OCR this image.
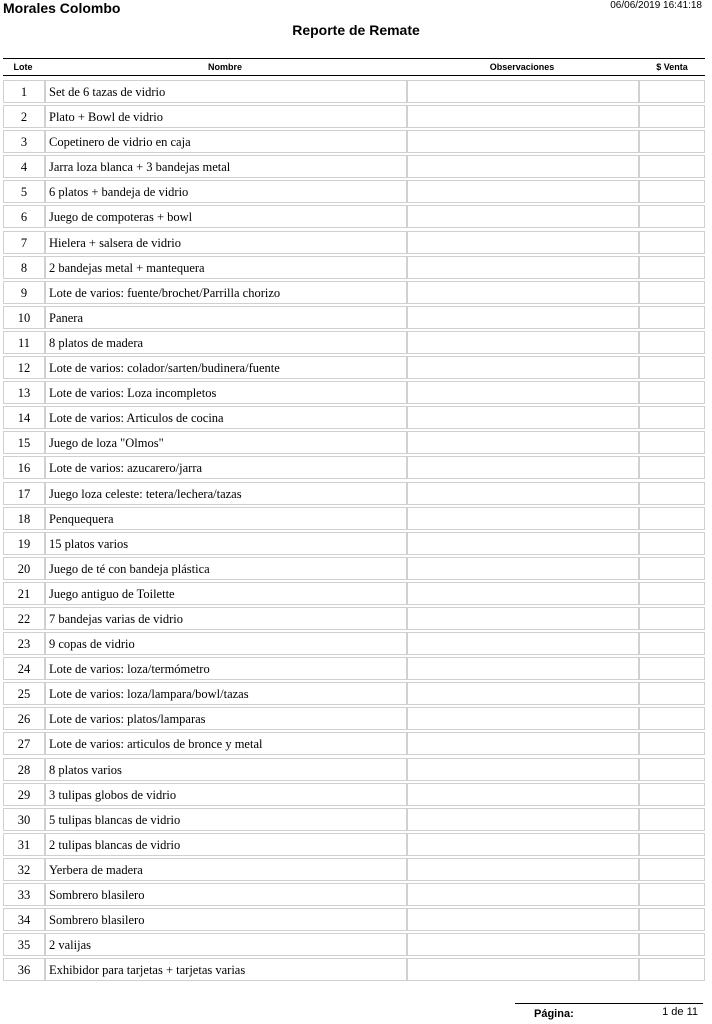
Morales Colombo	06/06/2019 16:41:18
Reporte de Remate
Lote	Nombre	Observaciones	$ Venta
1	Set de 6 tazas de vidrio
2	Plato + Bowl de vidrio
3	Copetinero de vidrio en caja
4	Jarra loza blanca + 3 bandejas metal
5	6 platos + bandeja de vidrio
6	Juego de compoteras + bowl
7	Hielera + salsera de vidrio
8	2 bandejas metal + mantequera
9	Lote de varios: fuente/brochet/Parrilla chorizo
10	Panera
11	8 platos de madera
12	Lote de varios: colador/sarten/budinera/fuente
13	Lote de varios: Loza incompletos
14	Lote de varios: Articulos de cocina
15	Juego de loza "Olmos"
16	Lote de varios: azucarero/jarra
17	Juego loza celeste: tetera/lechera/tazas
18	Penquequera
19	15 platos varios
20	Juego de té con bandeja plástica
21	Juego antiguo de Toilette
22	7 bandejas varias de vidrio
23	9 copas de vidrio
24	Lote de varios: loza/termómetro
25	Lote de varios: loza/lampara/bowl/tazas
26	Lote de varios: platos/lamparas
27	Lote de varios: articulos de bronce y metal
28	8 platos varios
29	3 tulipas globos de vidrio
30	5 tulipas blancas de vidrio
31	2 tulipas blancas de vidrio
32	Yerbera de madera
33	Sombrero blasilero
34	Sombrero blasilero
35	2 valijas
36	Exhibidor para tarjetas + tarjetas varias
Página:	1 de 11
